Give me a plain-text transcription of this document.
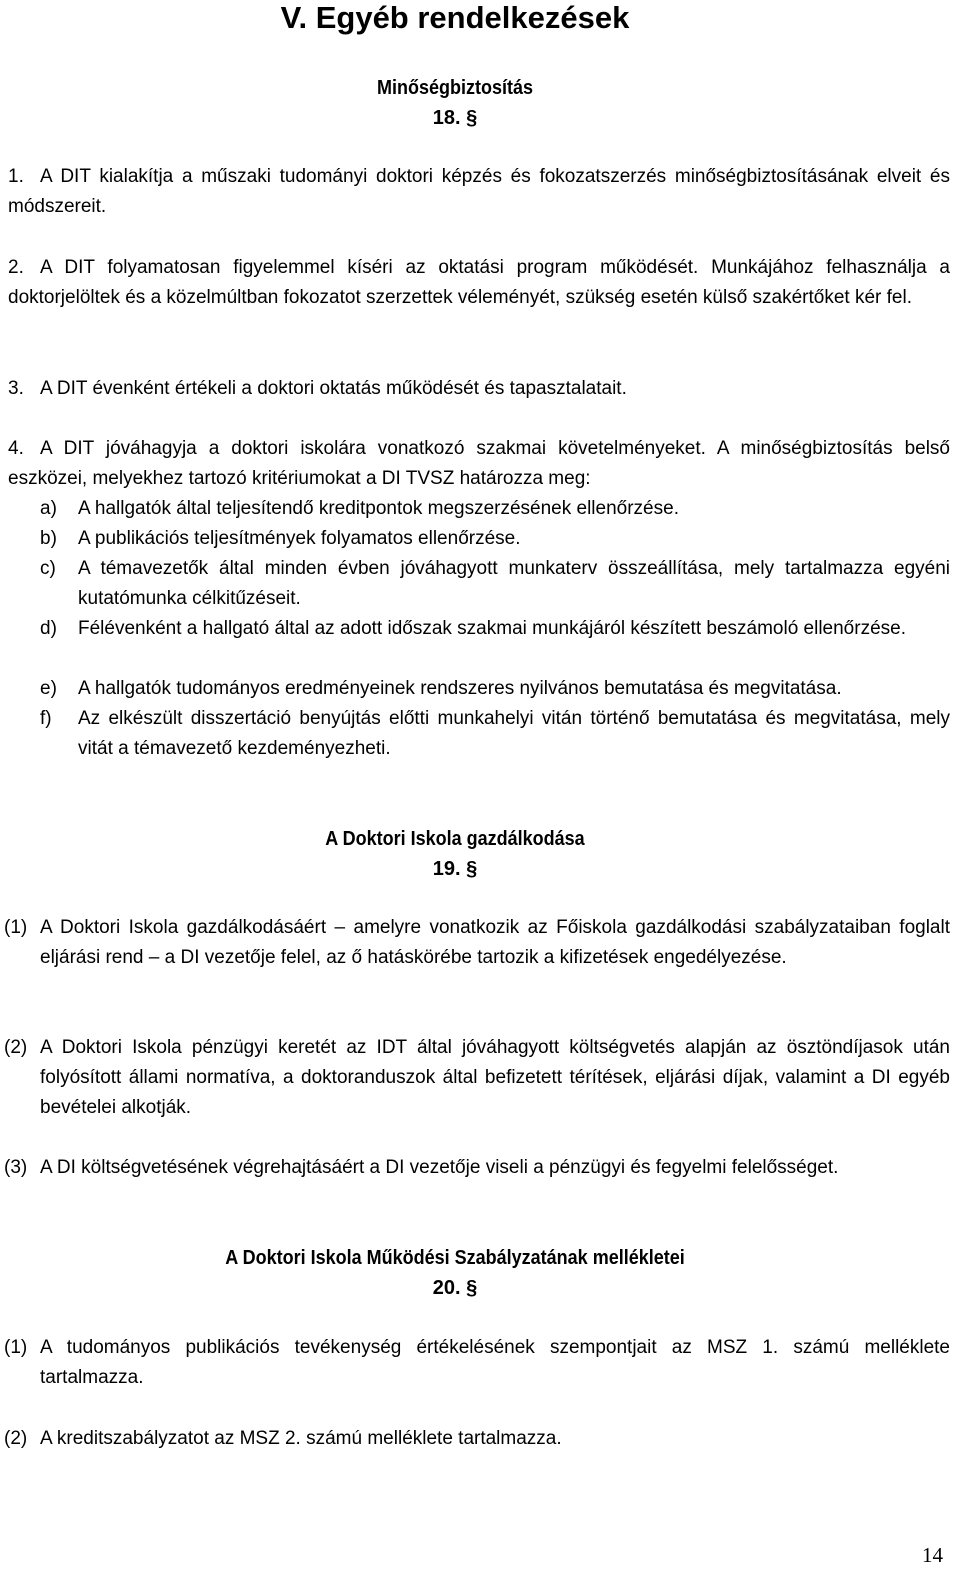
V. Egyéb rendelkezések
Minőségbiztosítás
18. §
1. A DIT kialakítja a műszaki tudományi doktori képzés és fokozatszerzés minőségbiztosításának elveit és módszereit.
2. A DIT folyamatosan figyelemmel kíséri az oktatási program működését. Munkájához felhasználja a doktorjelöltek és a közelmúltban fokozatot szerzettek véleményét, szükség esetén külső szakértőket kér fel.
3. A DIT évenként értékeli a doktori oktatás működését és tapasztalatait.
4. A DIT jóváhagyja a doktori iskolára vonatkozó szakmai követelményeket. A minőségbiztosítás belső eszközei, melyekhez tartozó kritériumokat a DI TVSZ határozza meg:
a)	A hallgatók által teljesítendő kreditpontok megszerzésének ellenőrzése.
b)	A publikációs teljesítmények folyamatos ellenőrzése.
c)	A témavezetők által minden évben jóváhagyott munkaterv összeállítása, mely tartalmazza egyéni kutatómunka célkitűzéseit.
d)	Félévenként a hallgató által az adott időszak szakmai munkájáról készített beszámoló ellenőrzése.
e)	A hallgatók tudományos eredményeinek rendszeres nyilvános bemutatása és megvitatása.
f)	Az elkészült disszertáció benyújtás előtti munkahelyi vitán történő bemutatása és megvitatása, mely vitát a témavezető kezdeményezheti.
A Doktori Iskola gazdálkodása
19. §
(1) A Doktori Iskola gazdálkodásáért – amelyre vonatkozik az Főiskola gazdálkodási szabályzataiban foglalt eljárási rend – a DI vezetője felel, az ő hatáskörébe tartozik a kifizetések engedélyezése.
(2) A Doktori Iskola pénzügyi keretét az IDT által jóváhagyott költségvetés alapján az ösztöndíjasok után folyósított állami normatíva, a doktoranduszok által befizetett térítések, eljárási díjak, valamint a DI egyéb bevételei alkotják.
(3) A DI költségvetésének végrehajtásáért a DI vezetője viseli a pénzügyi és fegyelmi felelősséget.
A Doktori Iskola Működési Szabályzatának mellékletei
20. §
(1) A tudományos publikációs tevékenység értékelésének szempontjait az MSZ 1. számú melléklete tartalmazza.
(2) A kreditszabályzatot az MSZ 2. számú melléklete tartalmazza.
14
